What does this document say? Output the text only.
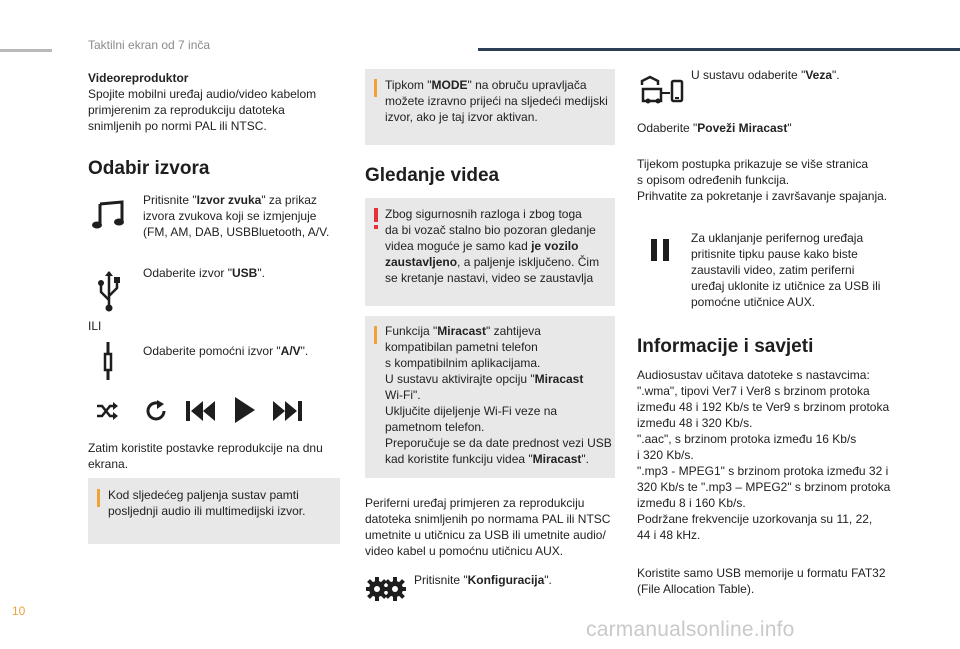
Taktilni ekran od 7 inča
Videoreproduktor
Spojite mobilni uređaj audio/video kabelom
primjerenim za reprodukciju datoteka
snimljenih po normi PAL ili NTSC.
Odabir izvora
Pritisnite "Izvor zvuka" za prikaz
izvora zvukova koji se izmjenjuje
(FM, AM, DAB, USBBluetooth, A/V.
Odaberite izvor "USB".
ILI
Odaberite pomoćni izvor "A/V".
Zatim koristite postavke reprodukcije na dnu
ekrana.
Kod sljedećeg paljenja sustav pamti
posljednji audio ili multimedijski izvor.
Tipkom "MODE" na obruču upravljača
možete izravno prijeći na sljedeći medijski
izvor, ako je taj izvor aktivan.
Gledanje videa
Zbog sigurnosnih razloga i zbog toga
da bi vozač stalno bio pozoran gledanje
videa moguće je samo kad je vozilo
zaustavljeno, a paljenje isključeno. Čim
se kretanje nastavi, video se zaustavlja
Funkcija "Miracast" zahtijeva
kompatibilan pametni telefon
s kompatibilnim aplikacijama.
U sustavu aktivirajte opciju "Miracast
Wi-Fi".
Uključite dijeljenje Wi-Fi veze na
pametnom telefon.
Preporučuje se da date prednost vezi USB
kad koristite funkciju videa "Miracast".
Periferni uređaj primjeren za reprodukciju
datoteka snimljenih po normama PAL ili NTSC
umetnite u utičnicu za USB ili umetnite audio/
video kabel u pomoćnu utičnicu AUX.
Pritisnite "Konfiguracija".
U sustavu odaberite "Veza".
Odaberite "Poveži Miracast"
Tijekom postupka prikazuje se više stranica
s opisom određenih funkcija.
Prihvatite za pokretanje i završavanje spajanja.
Za uklanjanje perifernog uređaja
pritisnite tipku pause kako biste
zaustavili video, zatim periferni
uređaj uklonite iz utičnice za USB ili
pomoćne utičnice AUX.
Informacije i savjeti
Audiosustav učitava datoteke s nastavcima:
".wma", tipovi Ver7 i Ver8 s brzinom protoka
između 48 i 192 Kb/s te Ver9 s brzinom protoka
između 48 i 320 Kb/s.
".aac", s brzinom protoka između 16 Kb/s
i 320 Kb/s.
".mp3 - MPEG1" s brzinom protoka između 32 i
320 Kb/s te ".mp3 – MPEG2" s brzinom protoka
između 8 i 160 Kb/s.
Podržane frekvencije uzorkovanja su 11, 22,
44 i 48 kHz.
Koristite samo USB memorije u formatu FAT32
(File Allocation Table).
10
carmanualsonline.info
